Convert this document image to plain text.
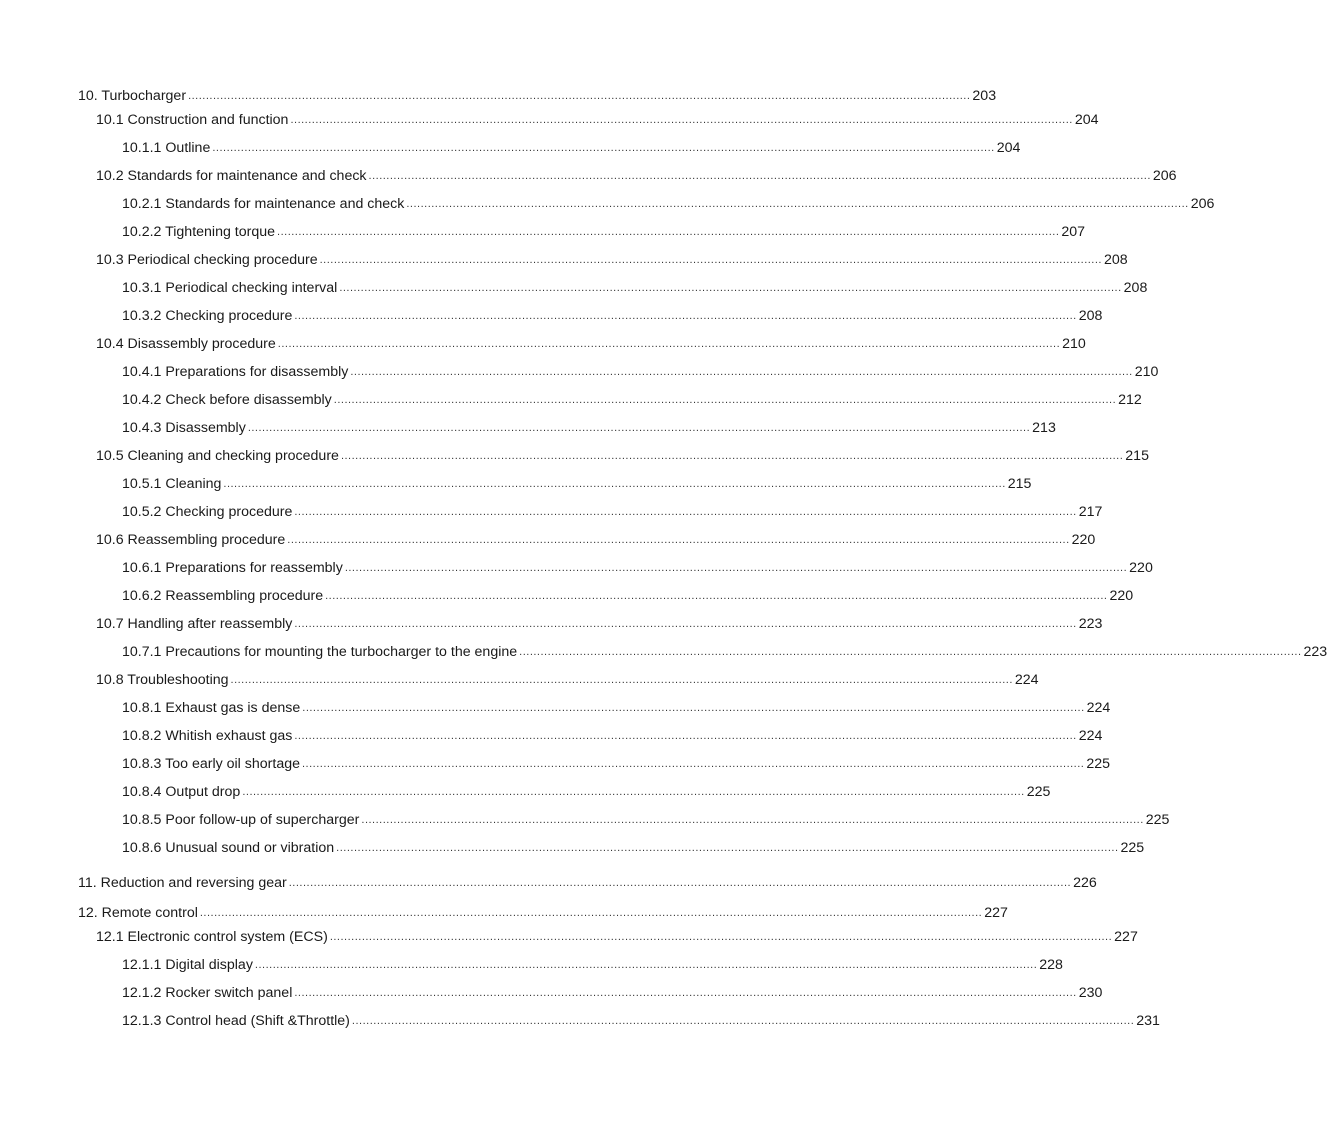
10. Turbocharger ............................................................................................................................................................................................................................ 203
10.1 Construction and function ............................................................................................................................................................................................................................ 204
10.1.1 Outline ............................................................................................................................................................................................................................ 204
10.2 Standards for maintenance and check ............................................................................................................................................................................................................................ 206
10.2.1 Standards for maintenance and check ............................................................................................................................................................................................................................ 206
10.2.2 Tightening torque ............................................................................................................................................................................................................................ 207
10.3 Periodical checking procedure ............................................................................................................................................................................................................................ 208
10.3.1 Periodical checking interval ............................................................................................................................................................................................................................ 208
10.3.2 Checking procedure ............................................................................................................................................................................................................................ 208
10.4 Disassembly procedure ............................................................................................................................................................................................................................ 210
10.4.1 Preparations for disassembly ............................................................................................................................................................................................................................ 210
10.4.2 Check before disassembly ............................................................................................................................................................................................................................ 212
10.4.3 Disassembly ............................................................................................................................................................................................................................ 213
10.5 Cleaning and checking procedure ............................................................................................................................................................................................................................ 215
10.5.1 Cleaning ............................................................................................................................................................................................................................ 215
10.5.2 Checking procedure ............................................................................................................................................................................................................................ 217
10.6 Reassembling procedure ............................................................................................................................................................................................................................ 220
10.6.1 Preparations for reassembly ............................................................................................................................................................................................................................ 220
10.6.2 Reassembling procedure ............................................................................................................................................................................................................................ 220
10.7 Handling after reassembly ............................................................................................................................................................................................................................ 223
10.7.1 Precautions for mounting the turbocharger to the engine ............................................................................................................................................................................................................................ 223
10.8 Troubleshooting ............................................................................................................................................................................................................................ 224
10.8.1 Exhaust gas is dense ............................................................................................................................................................................................................................ 224
10.8.2 Whitish exhaust gas ............................................................................................................................................................................................................................ 224
10.8.3 Too early oil shortage ............................................................................................................................................................................................................................ 225
10.8.4 Output drop ............................................................................................................................................................................................................................ 225
10.8.5 Poor follow-up of supercharger ............................................................................................................................................................................................................................ 225
10.8.6 Unusual sound or vibration ............................................................................................................................................................................................................................ 225
11. Reduction and reversing gear ............................................................................................................................................................................................................................ 226
12. Remote control ............................................................................................................................................................................................................................ 227
12.1 Electronic control system (ECS) ............................................................................................................................................................................................................................ 227
12.1.1 Digital display ............................................................................................................................................................................................................................ 228
12.1.2 Rocker switch panel ............................................................................................................................................................................................................................ 230
12.1.3 Control head (Shift &Throttle) ............................................................................................................................................................................................................................ 231
